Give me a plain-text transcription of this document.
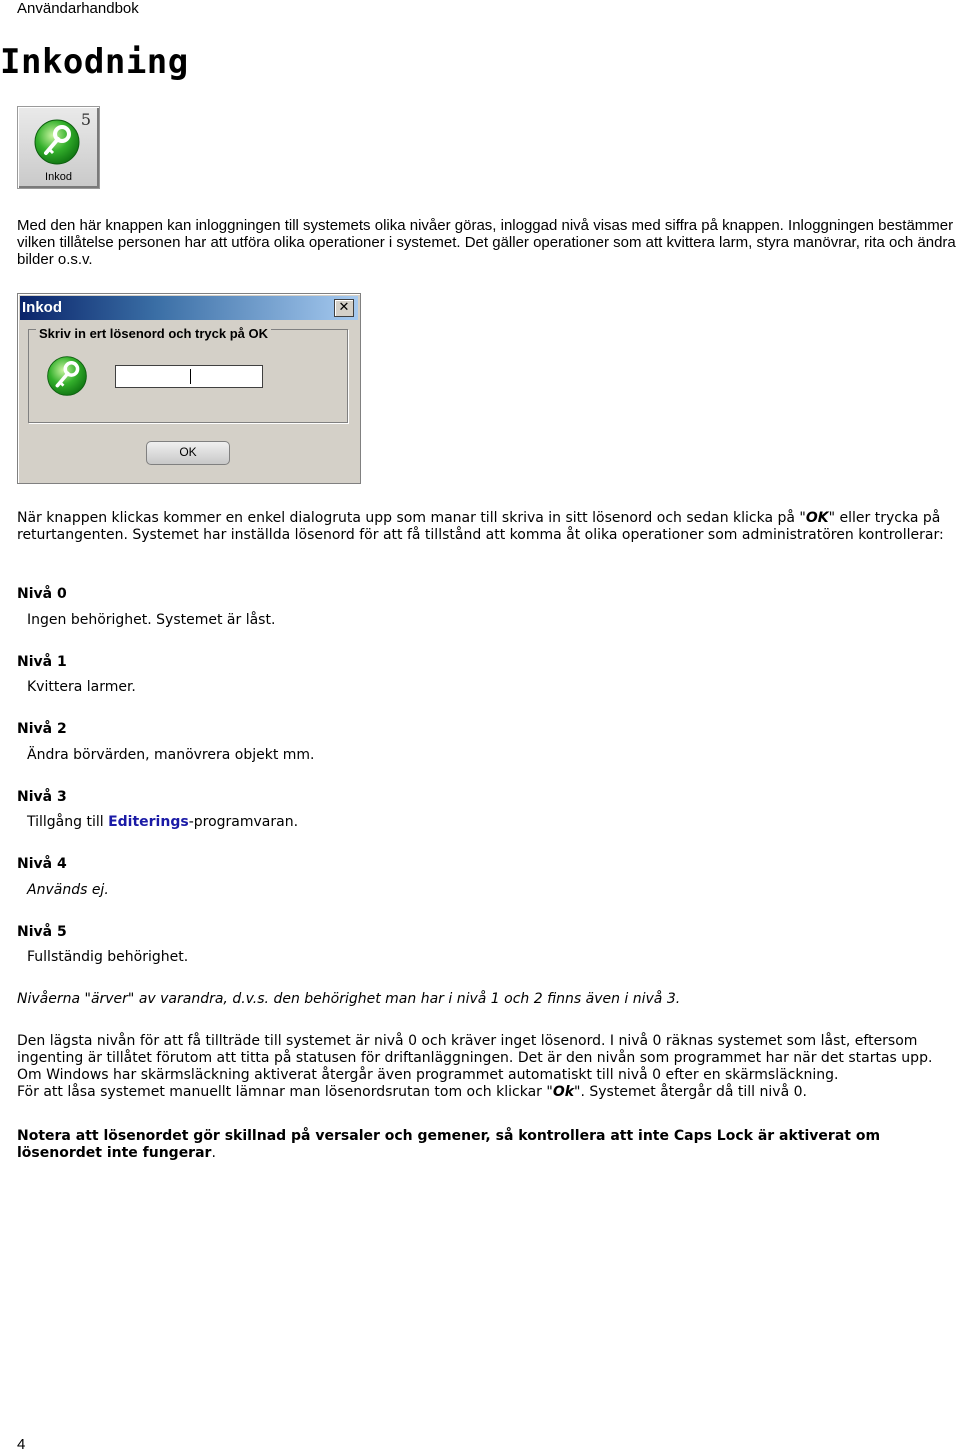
Användarhandbok
Inkodning
5
Inkod

Med den här knappen kan inloggningen till systemets olika nivåer göras, inloggad nivå visas med siffra på knappen. Inloggningen bestämmer vilken tillåtelse personen har att utföra olika operationer i systemet. Det gäller operationer som att kvittera larm, styra manövrar, rita och ändra bilder o.s.v.

Inkod	✕
Skriv in ert lösenord och tryck på OK
OK

När knappen klickas kommer en enkel dialogruta upp som manar till skriva in sitt lösenord och sedan klicka på "OK" eller trycka på returtangenten. Systemet har inställda lösenord för att få tillstånd att komma åt olika operationer som administratören kontrollerar:

Nivå 0
Ingen behörighet. Systemet är låst.
Nivå 1
Kvittera larmer.
Nivå 2
Ändra börvärden, manövrera objekt mm.
Nivå 3
Tillgång till Editerings-programvaran.
Nivå 4
Används ej.
Nivå 5
Fullständig behörighet.

Nivåerna "ärver" av varandra, d.v.s. den behörighet man har i nivå 1 och 2 finns även i nivå 3.

Den lägsta nivån för att få tillträde till systemet är nivå 0 och kräver inget lösenord. I nivå 0 räknas systemet som låst, eftersom ingenting är tillåtet förutom att titta på statusen för driftanläggningen. Det är den nivån som programmet har när det startas upp.
Om Windows har skärmsläckning aktiverat återgår även programmet automatiskt till nivå 0 efter en skärmsläckning.
För att låsa systemet manuellt lämnar man lösenordsrutan tom och klickar "Ok". Systemet återgår då till nivå 0.

Notera att lösenordet gör skillnad på versaler och gemener, så kontrollera att inte Caps Lock är aktiverat om lösenordet inte fungerar.

4
